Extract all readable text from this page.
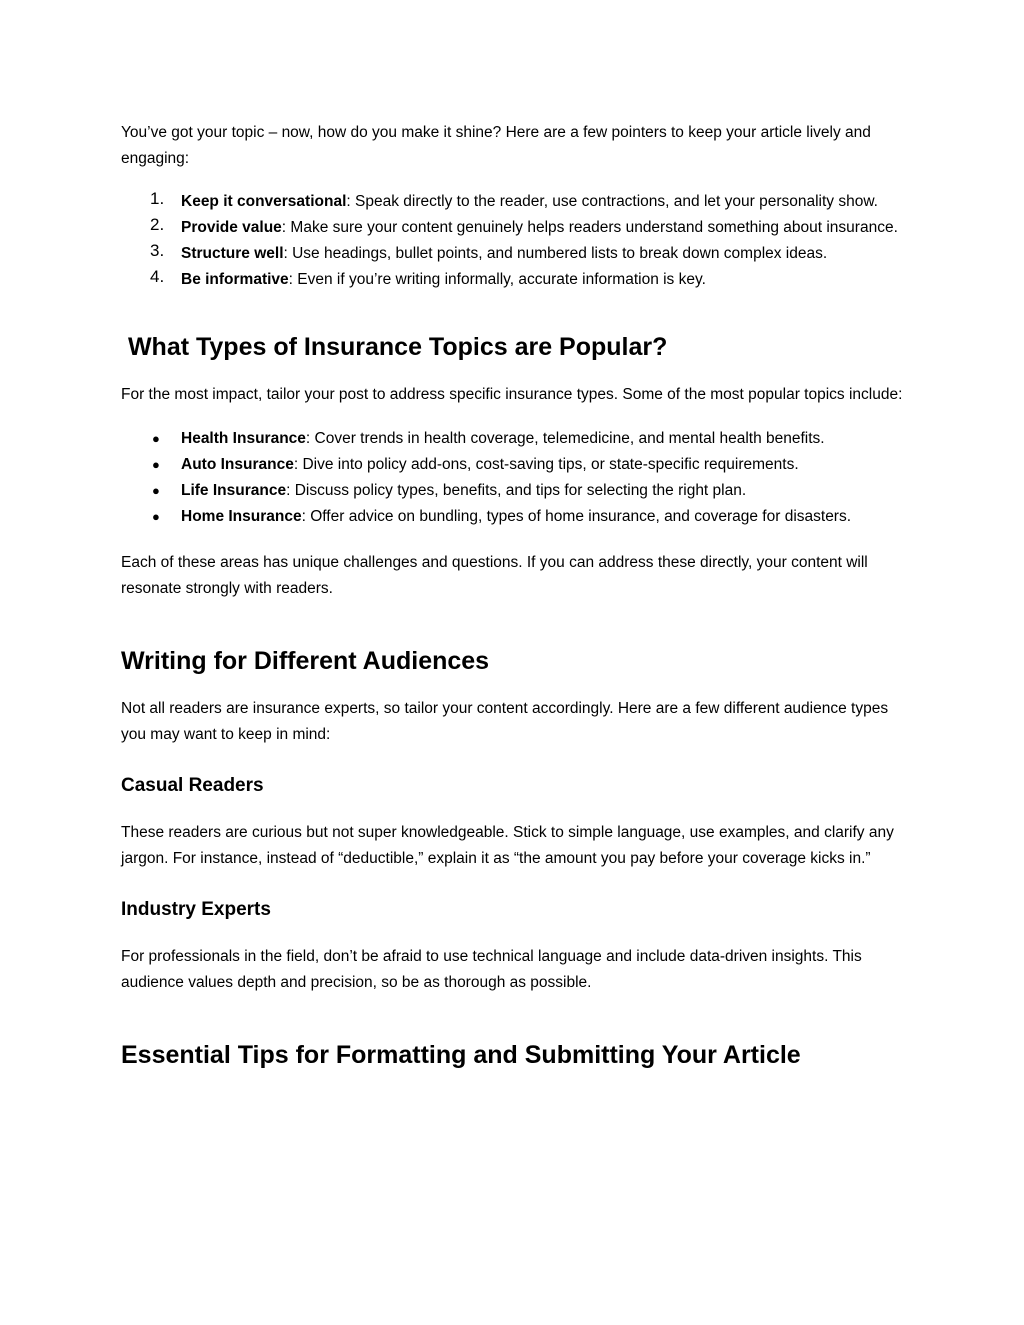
You’ve got your topic – now, how do you make it shine? Here are a few pointers to keep your article lively and engaging:

1. Keep it conversational: Speak directly to the reader, use contractions, and let your personality show.
2. Provide value: Make sure your content genuinely helps readers understand something about insurance.
3. Structure well: Use headings, bullet points, and numbered lists to break down complex ideas.
4. Be informative: Even if you’re writing informally, accurate information is key.
What Types of Insurance Topics are Popular?

For the most impact, tailor your post to address specific insurance types. Some of the most popular topics include:

● Health Insurance: Cover trends in health coverage, telemedicine, and mental health benefits.
● Auto Insurance: Dive into policy add-ons, cost-saving tips, or state-specific requirements.
● Life Insurance: Discuss policy types, benefits, and tips for selecting the right plan.
● Home Insurance: Offer advice on bundling, types of home insurance, and coverage for disasters.

Each of these areas has unique challenges and questions. If you can address these directly, your content will resonate strongly with readers.

Writing for Different Audiences

Not all readers are insurance experts, so tailor your content accordingly. Here are a few different audience types you may want to keep in mind:

Casual Readers

These readers are curious but not super knowledgeable. Stick to simple language, use examples, and clarify any jargon. For instance, instead of “deductible,” explain it as “the amount you pay before your coverage kicks in.”

Industry Experts

For professionals in the field, don’t be afraid to use technical language and include data-driven insights. This audience values depth and precision, so be as thorough as possible.

Essential Tips for Formatting and Submitting Your Article
